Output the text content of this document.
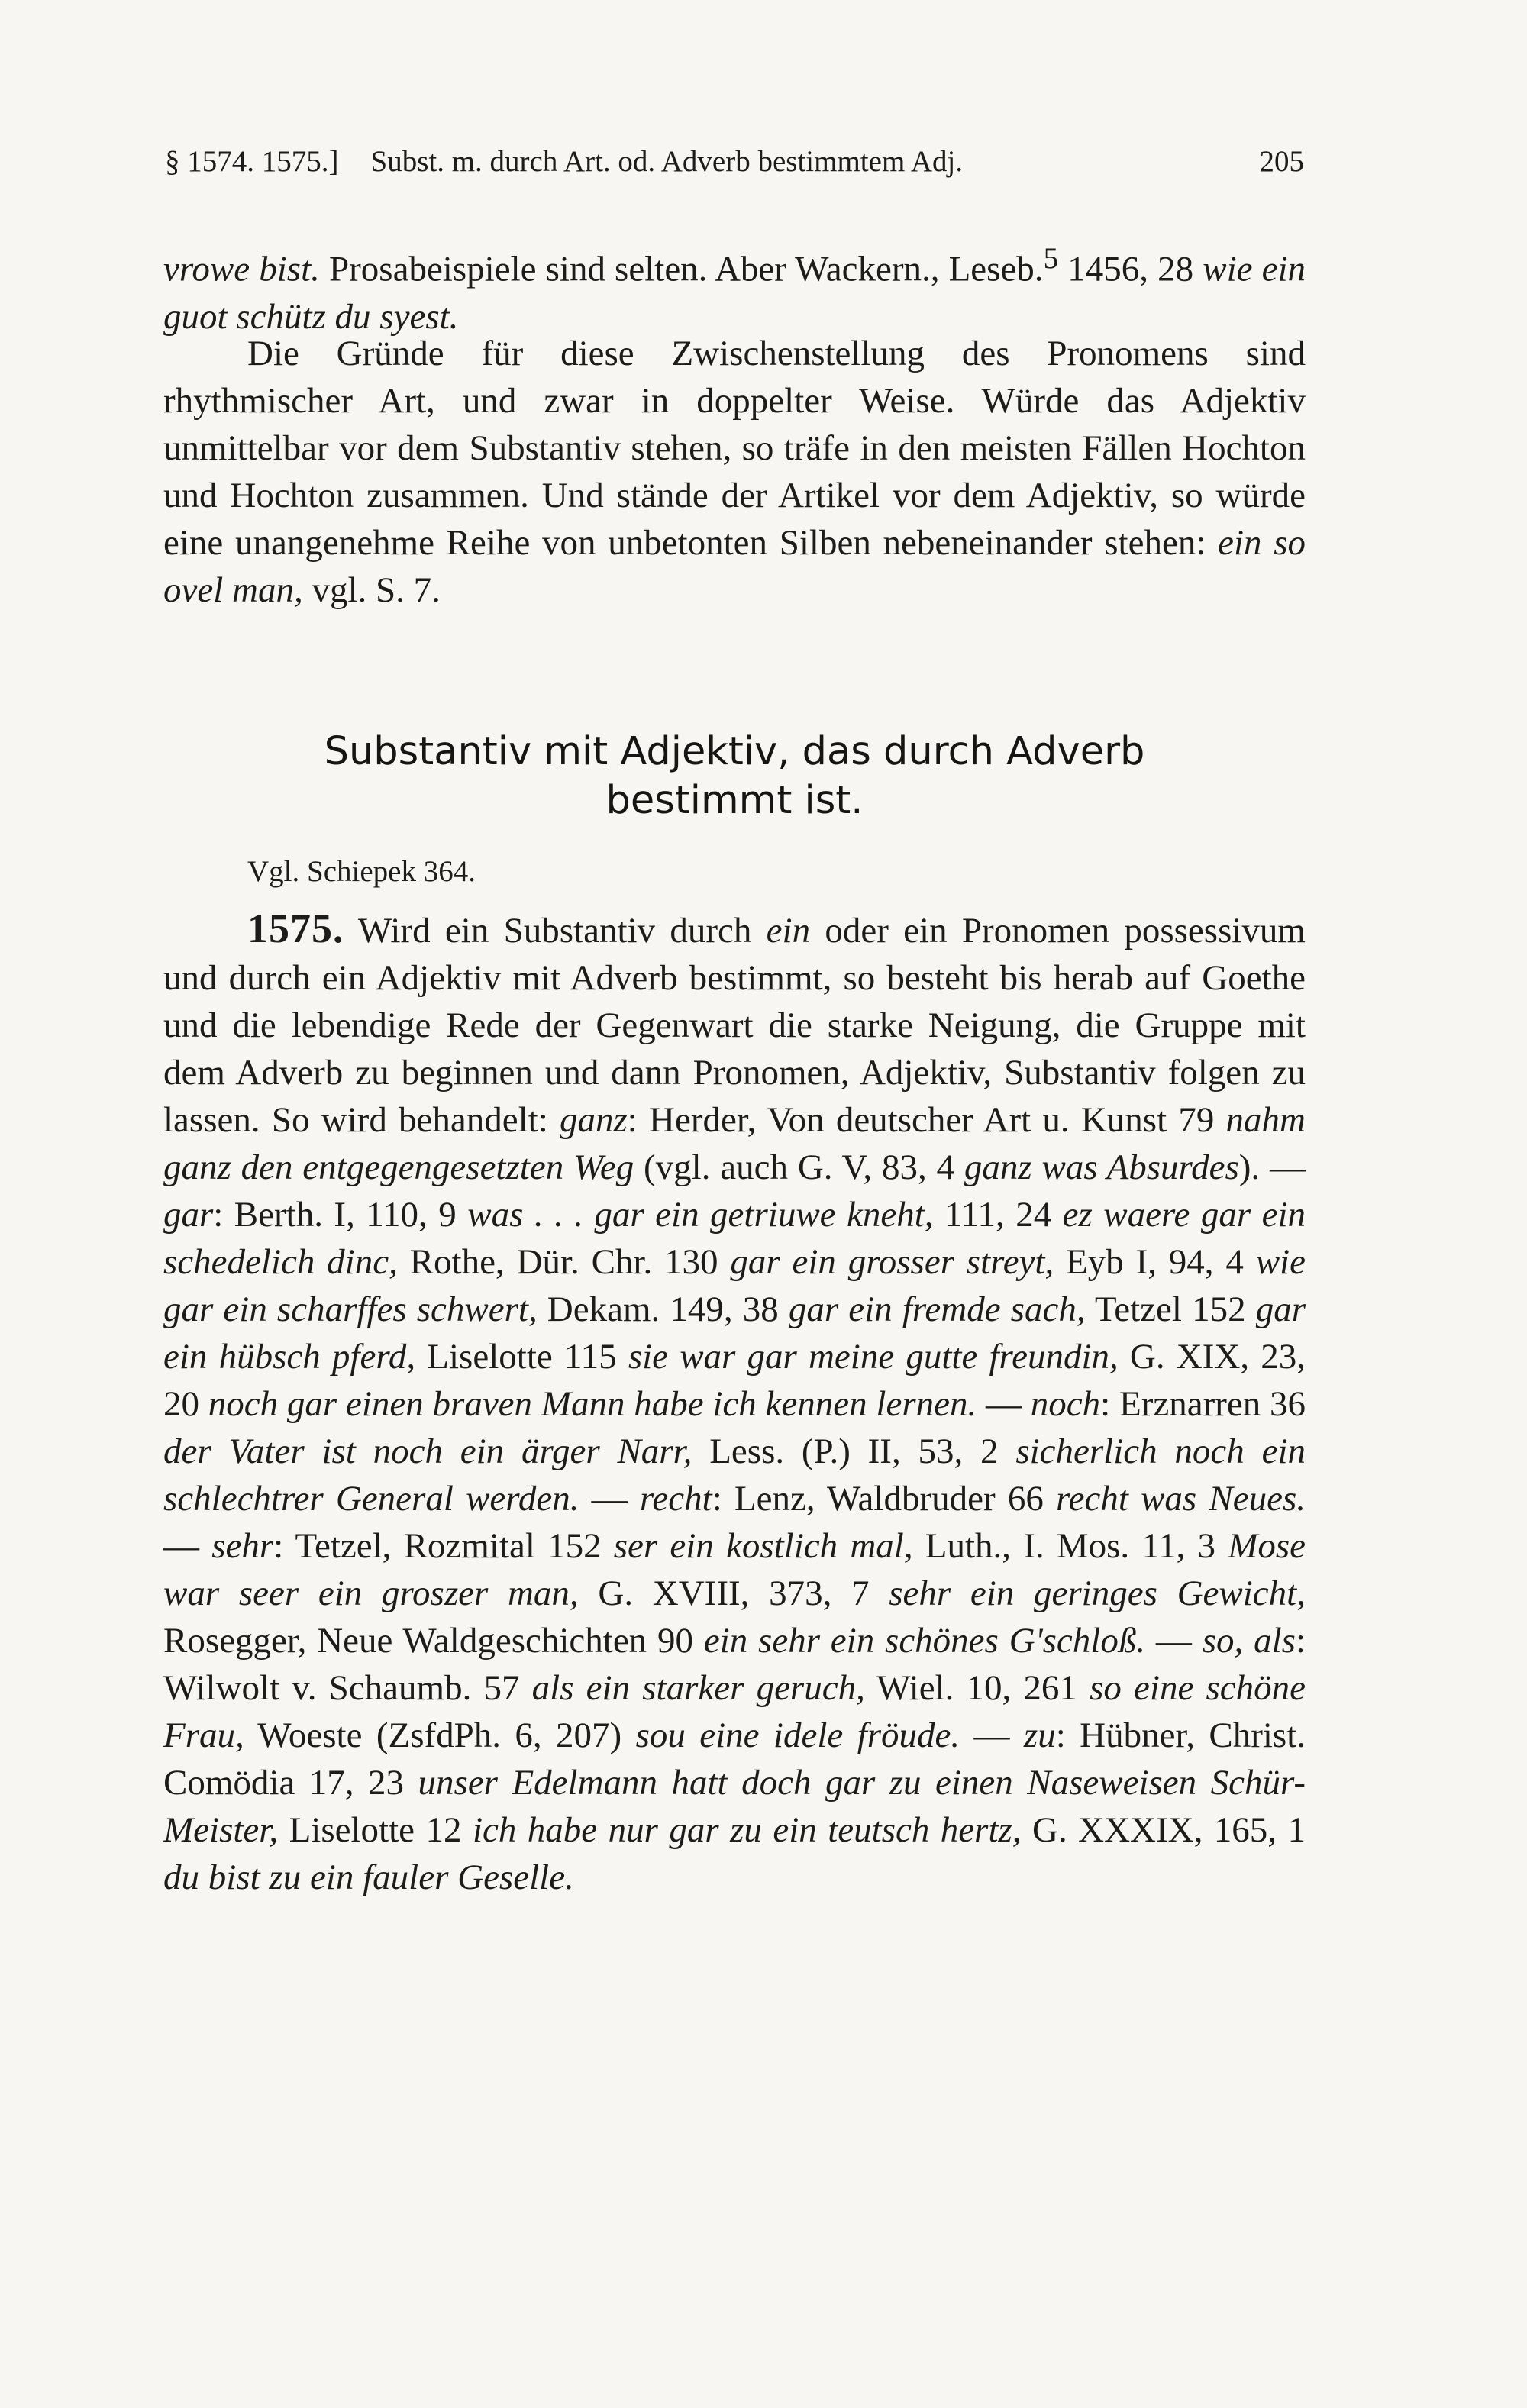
§ 1574. 1575.] Subst. m. durch Art. od. Adverb bestimmtem Adj.	205

vrowe bist. Prosabeispiele sind selten. Aber Wackern., Leseb.$^5$ 1456, 28 wie ein guot schütz du syest.

Die Gründe für diese Zwischenstellung des Pronomens sind rhythmischer Art, und zwar in doppelter Weise. Würde das Adjektiv unmittelbar vor dem Substantiv stehen, so träfe in den meisten Fällen Hochton und Hochton zusammen. Und stände der Artikel vor dem Adjektiv, so würde eine unangenehme Reihe von unbetonten Silben nebeneinander stehen: ein so ovel man, vgl. S. 7.

Substantiv mit Adjektiv, das durch Adverb
bestimmt ist.
Vgl. Schiepek 364.

1575. Wird ein Substantiv durch ein oder ein Pronomen possessivum und durch ein Adjektiv mit Adverb bestimmt, so besteht bis herab auf Goethe und die lebendige Rede der Gegenwart die starke Neigung, die Gruppe mit dem Adverb zu beginnen und dann Pronomen, Adjektiv, Substantiv folgen zu lassen. So wird behandelt: ganz: Herder, Von deutscher Art u. Kunst 79 nahm ganz den entgegengesetzten Weg (vgl. auch G. V, 83, 4 ganz was Absurdes). — gar: Berth. I, 110, 9 was . . . gar ein getriuwe kneht, 111, 24 ez waere gar ein schedelich dinc, Rothe, Dür. Chr. 130 gar ein grosser streyt, Eyb I, 94, 4 wie gar ein scharffes schwert, Dekam. 149, 38 gar ein fremde sach, Tetzel 152 gar ein hübsch pferd, Liselotte 115 sie war gar meine gutte freundin, G. XIX, 23, 20 noch gar einen braven Mann habe ich kennen lernen. — noch: Erznarren 36 der Vater ist noch ein ärger Narr, Less. (P.) II, 53, 2 sicherlich noch ein schlechtrer General werden. — recht: Lenz, Waldbruder 66 recht was Neues. — sehr: Tetzel, Rozmital 152 ser ein kostlich mal, Luth., I. Mos. 11, 3 Mose war seer ein groszer man, G. XVIII, 373, 7 sehr ein geringes Gewicht, Rosegger, Neue Waldgeschichten 90 ein sehr ein schönes G'schloß. — so, als: Wilwolt v. Schaumb. 57 als ein starker geruch, Wiel. 10, 261 so eine schöne Frau, Woeste (ZsfdPh. 6, 207) sou eine idele fröude. — zu: Hübner, Christ. Comödia 17, 23 unser Edelmann hatt doch gar zu einen Naseweisen Schür-Meister, Liselotte 12 ich habe nur gar zu ein teutsch hertz, G. XXXIX, 165, 1 du bist zu ein fauler Geselle.
